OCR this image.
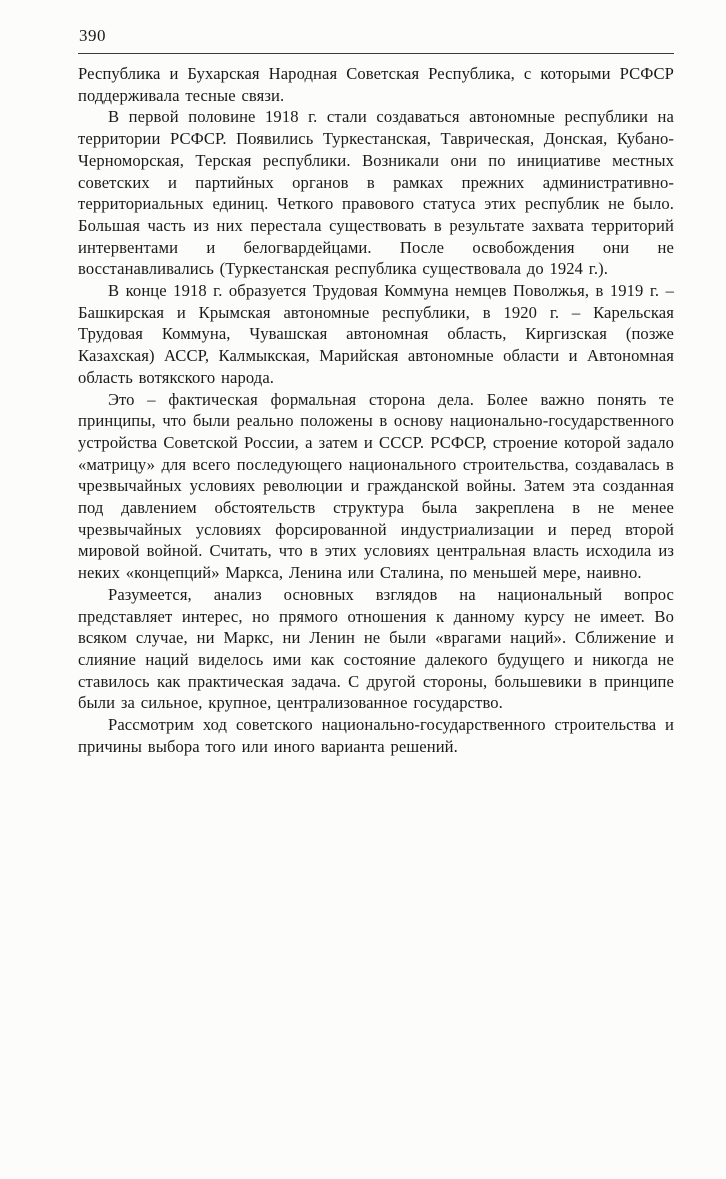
390

Республика и Бухарская Народная Советская Республика, с которыми РСФСР поддерживала тесные связи.

В первой половине 1918 г. стали создаваться автономные республики на территории РСФСР. Появились Туркестанская, Таврическая, Донская, Кубано-Черноморская, Терская республики. Возникали они по инициативе местных советских и партийных органов в рамках прежних административно-территориальных единиц. Четкого правового статуса этих республик не было. Большая часть из них перестала существовать в результате захвата территорий интервентами и белогвардейцами. После освобождения они не восстанавливались (Туркестанская республика существовала до 1924 г.).

В конце 1918 г. образуется Трудовая Коммуна немцев Поволжья, в 1919 г. – Башкирская и Крымская автономные республики, в 1920 г. – Карельская Трудовая Коммуна, Чувашская автономная область, Киргизская (позже Казахская) АССР, Калмыкская, Марийская автономные области и Автономная область вотякского народа.

Это – фактическая формальная сторона дела. Более важно понять те принципы, что были реально положены в основу национально-государственного устройства Советской России, а затем и СССР. РСФСР, строение которой задало «матрицу» для всего последующего национального строительства, создавалась в чрезвычайных условиях революции и гражданской войны. Затем эта созданная под давлением обстоятельств структура была закреплена в не менее чрезвычайных условиях форсированной индустриализации и перед второй мировой войной. Считать, что в этих условиях центральная власть исходила из неких «концепций» Маркса, Ленина или Сталина, по меньшей мере, наивно.

Разумеется, анализ основных взглядов на национальный вопрос представляет интерес, но прямого отношения к данному курсу не имеет. Во всяком случае, ни Маркс, ни Ленин не были «врагами наций». Сближение и слияние наций виделось ими как состояние далекого будущего и никогда не ставилось как практическая задача. С другой стороны, большевики в принципе были за сильное, крупное, централизованное государство.

Рассмотрим ход советского национально-государственного строительства и причины выбора того или иного варианта решений.
